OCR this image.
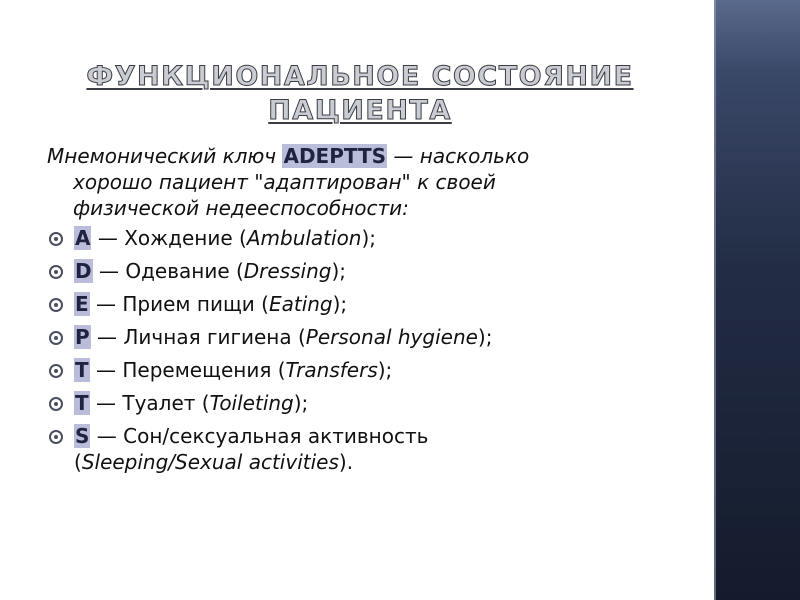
ФУНКЦИОНАЛЬНОЕ СОСТОЯНИЕ ПАЦИЕНТА
Мнемонический ключ ADEPTTS — насколько
хорошо пациент "адаптирован" к своей
физической недееспособности:
A — Хождение (Ambulation);
D — Одевание (Dressing);
E — Прием пищи (Eating);
P — Личная гигиена (Personal hygiene);
T — Перемещения (Transfers);
T — Туалет (Toileting);
S — Сон/сексуальная активность
(Sleeping/Sexual activities).
